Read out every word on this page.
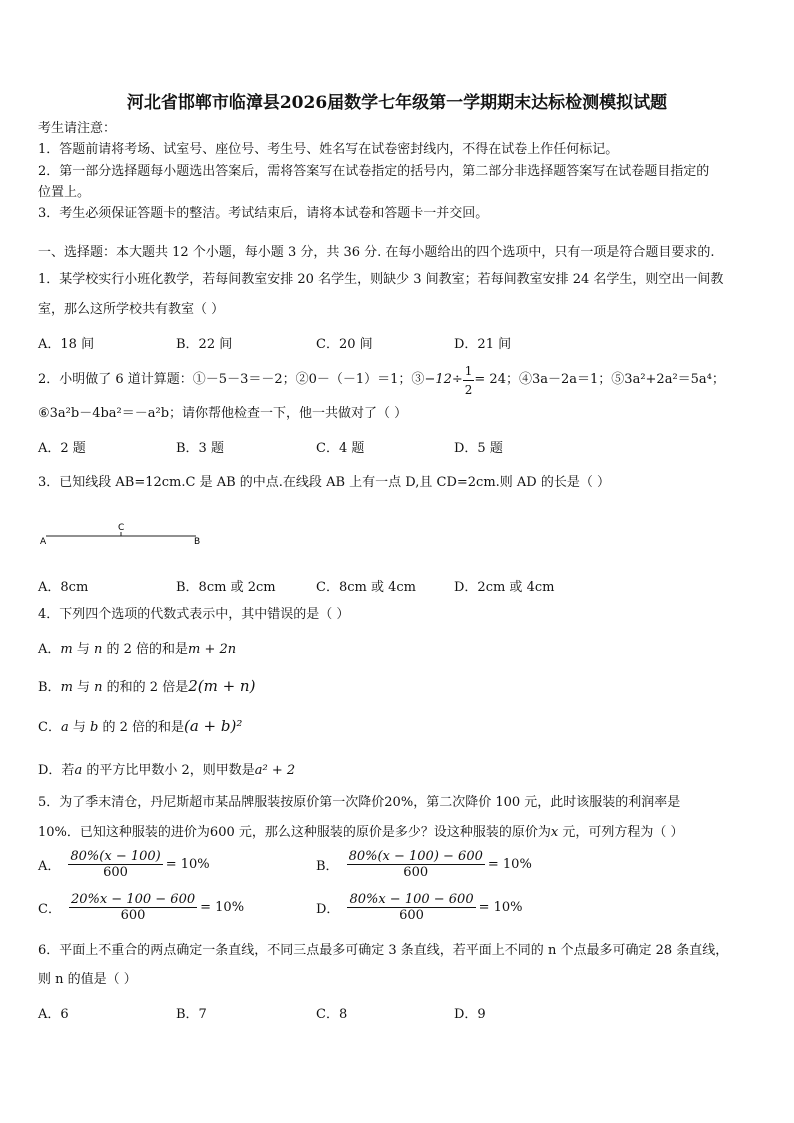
河北省邯郸市临漳县2026届数学七年级第一学期期末达标检测模拟试题
考生请注意：
1．答题前请将考场、试室号、座位号、考生号、姓名写在试卷密封线内，不得在试卷上作任何标记。
2．第一部分选择题每小题选出答案后，需将答案写在试卷指定的括号内，第二部分非选择题答案写在试卷题目指定的
位置上。
3．考生必须保证答题卡的整洁。考试结束后，请将本试卷和答题卡一并交回。
一、选择题：本大题共 12 个小题，每小题 3 分，共 36 分. 在每小题给出的四个选项中，只有一项是符合题目要求的.
1．某学校实行小班化教学，若每间教室安排 20 名学生，则缺少 3 间教室；若每间教室安排 24 名学生，则空出一间教
室，那么这所学校共有教室（ ）
A．18 间	B．22 间	C．20 间	D．21 间
2．小明做了 6 道计算题：①－5－3＝－2；②0－（－1）＝1；③ $-12\div \frac{1}{2} = 24$ ；④3a－2a＝1；⑤3a²+2a²＝5a⁴；
⑥3a²b－4ba²＝－a²b；请你帮他检查一下，他一共做对了（ ）
A．2 题	B．3 题	C．4 题	D．5 题
3．已知线段 AB=12cm.C 是 AB 的中点.在线段 AB 上有一点 D,且 CD=2cm.则 AD 的长是（ ）
A	B
C
A．8cm	B．8cm 或 2cm	C．8cm 或 4cm	D．2cm 或 4cm
4．下列四个选项的代数式表示中，其中错误的是（ ）
A．m 与 n 的 2 倍的和是m + 2n
B．m 与 n 的和的 2 倍是2(m + n)
C．a 与 b 的 2 倍的和是(a + b)²
D．若a 的平方比甲数小 2，则甲数是a² + 2
5．为了季末清仓，丹尼斯超市某品牌服装按原价第一次降价20%，第二次降价 100 元，此时该服装的利润率是
10%．已知这种服装的进价为600 元，那么这种服装的原价是多少？设这种服装的原价为x 元，可列方程为（ ）
A． $\frac{80\%(x - 100)}{600} = 10\%$	B． $\frac{80\%(x - 100) - 600}{600} = 10\%$
C． $\frac{20\%x - 100 - 600}{600} = 10\%$	D． $\frac{80\%x - 100 - 600}{600} = 10\%$
6．平面上不重合的两点确定一条直线，不同三点最多可确定 3 条直线，若平面上不同的 n 个点最多可确定 28 条直线，
则 n 的值是（ ）
A．6	B．7	C．8	D．9
